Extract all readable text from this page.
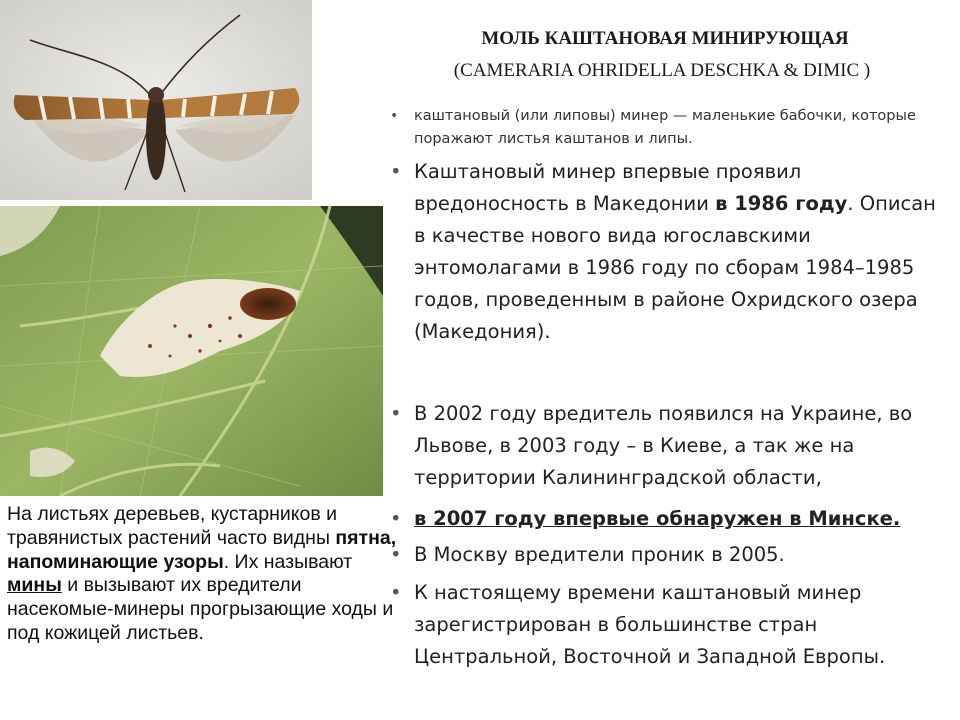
МОЛЬ КАШТАНОВАЯ МИНИРУЮЩАЯ
(CAMERARIA OHRIDELLA DESCHKA & DIMIC )
• каштановый (или липовы) минер — маленькие бабочки, которые поражают листья каштанов и липы.
• Каштановый минер впервые проявил вредоносность в Македонии в 1986 году. Описан в качестве нового вида югославскими энтомолагами в 1986 году по сборам 1984–1985 годов, проведенным в районе Охридского озера (Македония).
• В 2002 году вредитель появился на Украине, во Львове, в 2003 году – в Киеве, а так же на территории Калининградской области,
• в 2007 году впервые обнаружен в Минске.
• В Москву вредители проник в 2005.
• К настоящему времени каштановый минер зарегистрирован в большинстве стран Центральной, Восточной и Западной Европы.
На листьях деревьев, кустарников и травянистых растений часто видны пятна, напоминающие узоры. Их называют мины и вызывают их вредители насекомые-минеры прогрызающие ходы и под кожицей листьев.
